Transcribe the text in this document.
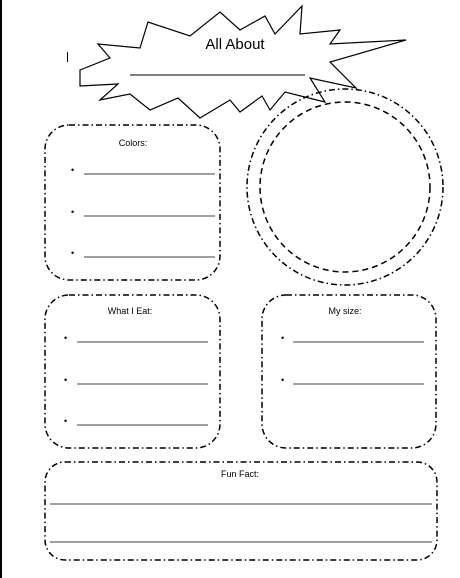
All About
Colors:
•
•
•
What I Eat:
•
•
•
My size:
•
•
Fun Fact:
